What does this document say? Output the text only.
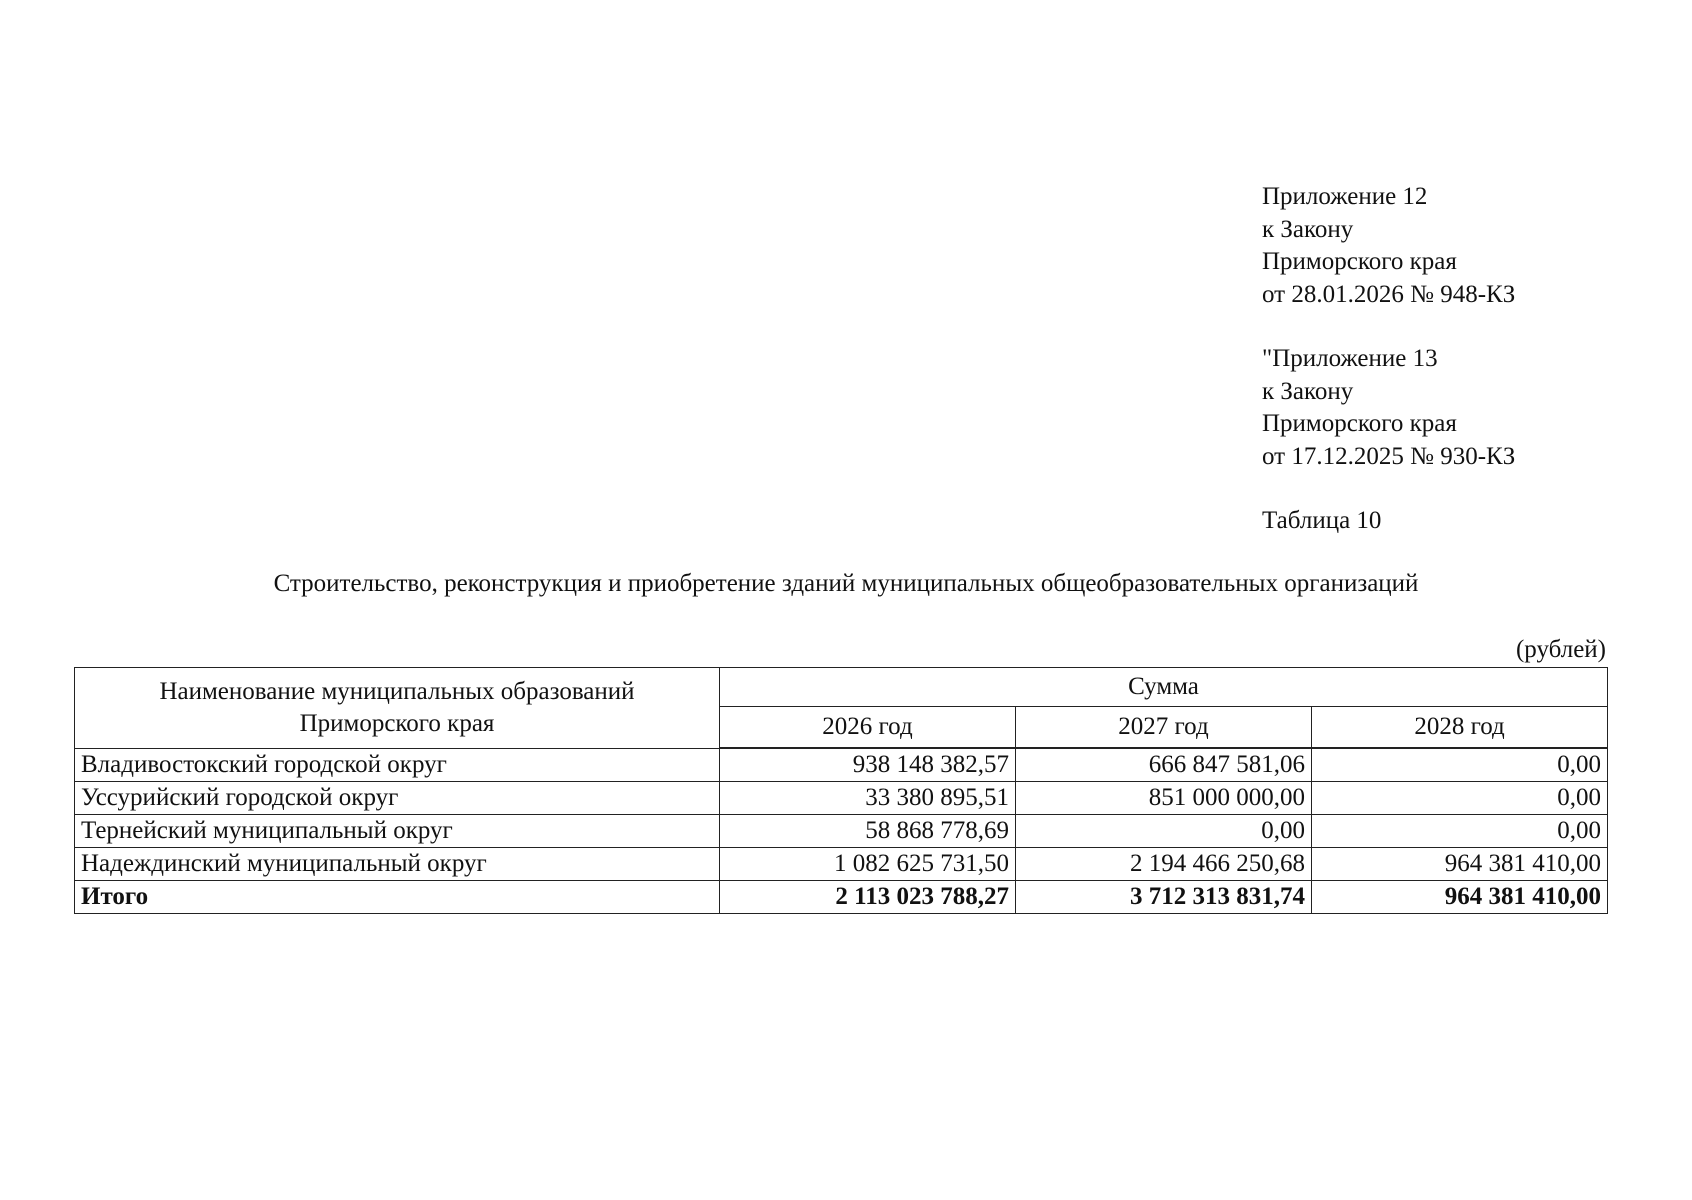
Приложение 12
к Закону
Приморского края
от 28.01.2026 № 948-КЗ
"Приложение 13
к Закону
Приморского края
от 17.12.2025 № 930-КЗ
Таблица 10
Строительство, реконструкция и приобретение зданий муниципальных общеобразовательных организаций
(рублей)
Наименование муниципальных образований
Приморского края	Сумма		
	2026 год	2027 год	2028 год
Владивостокский городской округ	938 148 382,57	666 847 581,06	0,00
Уссурийский городской округ	33 380 895,51	851 000 000,00	0,00
Тернейский муниципальный округ	58 868 778,69	0,00	0,00
Надеждинский муниципальный округ	1 082 625 731,50	2 194 466 250,68	964 381 410,00
Итого	2 113 023 788,27	3 712 313 831,74	964 381 410,00
